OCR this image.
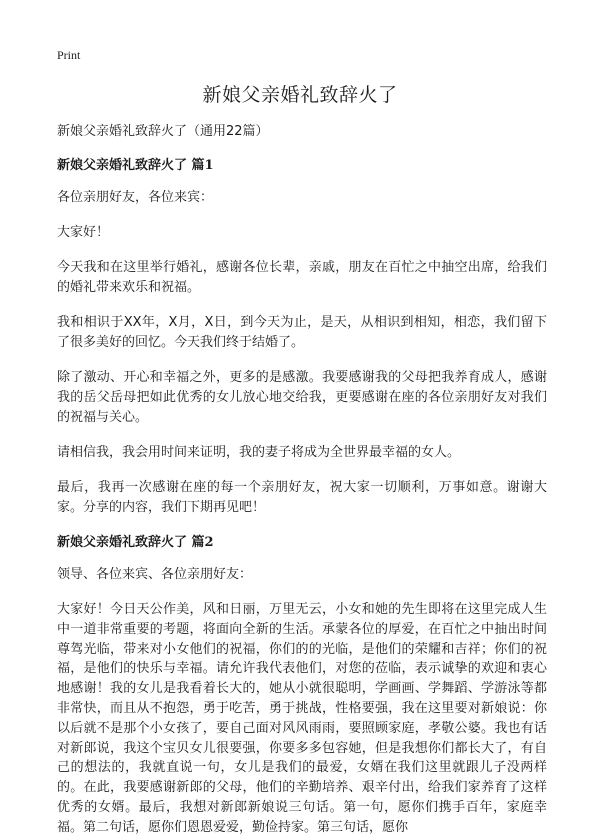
Print
新娘父亲婚礼致辞火了

新娘父亲婚礼致辞火了（通用22篇）

新娘父亲婚礼致辞火了 篇1

各位亲朋好友，各位来宾：

大家好！

今天我和在这里举行婚礼，感谢各位长辈，亲戚，朋友在百忙之中抽空出席，给我们的婚礼带来欢乐和祝福。

我和相识于XX年，X月，X日，到今天为止，是天，从相识到相知，相恋，我们留下了很多美好的回忆。今天我们终于结婚了。

除了激动、开心和幸福之外，更多的是感激。我要感谢我的父母把我养育成人，感谢我的岳父岳母把如此优秀的女儿放心地交给我，更要感谢在座的各位亲朋好友对我们的祝福与关心。

请相信我，我会用时间来证明，我的妻子将成为全世界最幸福的女人。

最后，我再一次感谢在座的每一个亲朋好友，祝大家一切顺利，万事如意。谢谢大家。分享的内容，我们下期再见吧！

新娘父亲婚礼致辞火了 篇2

领导、各位来宾、各位亲朋好友：

大家好！今日天公作美，风和日丽，万里无云，小女和她的先生即将在这里完成人生中一道非常重要的考题，将面向全新的生活。承蒙各位的厚爱，在百忙之中抽出时间尊驾光临，带来对小女他们的祝福，你们的的光临，是他们的荣耀和吉祥；你们的祝福，是他们的快乐与幸福。请允许我代表他们，对您的莅临，表示诚挚的欢迎和衷心地感谢！我的女儿是我看着长大的，她从小就很聪明，学画画、学舞蹈、学游泳等都非常快，而且从不抱怨，勇于吃苦，勇于挑战，性格要强，我在这里要对新娘说：你以后就不是那个小女孩了，要自己面对风风雨雨，要照顾家庭，孝敬公婆。我也有话对新郎说，我这个宝贝女儿很要强，你要多多包容她，但是我想你们都长大了，有自己的想法的，我就直说一句，女儿是我们的最爱，女婿在我们这里就跟儿子没两样的。在此，我要感谢新郎的父母，他们的辛勤培养、艰辛付出，给我们家养育了这样优秀的女婿。最后，我想对新郎新娘说三句话。第一句，愿你们携手百年，家庭幸福。第二句话，愿你们恩恩爱爱，勤俭持家。第三句话，愿你
